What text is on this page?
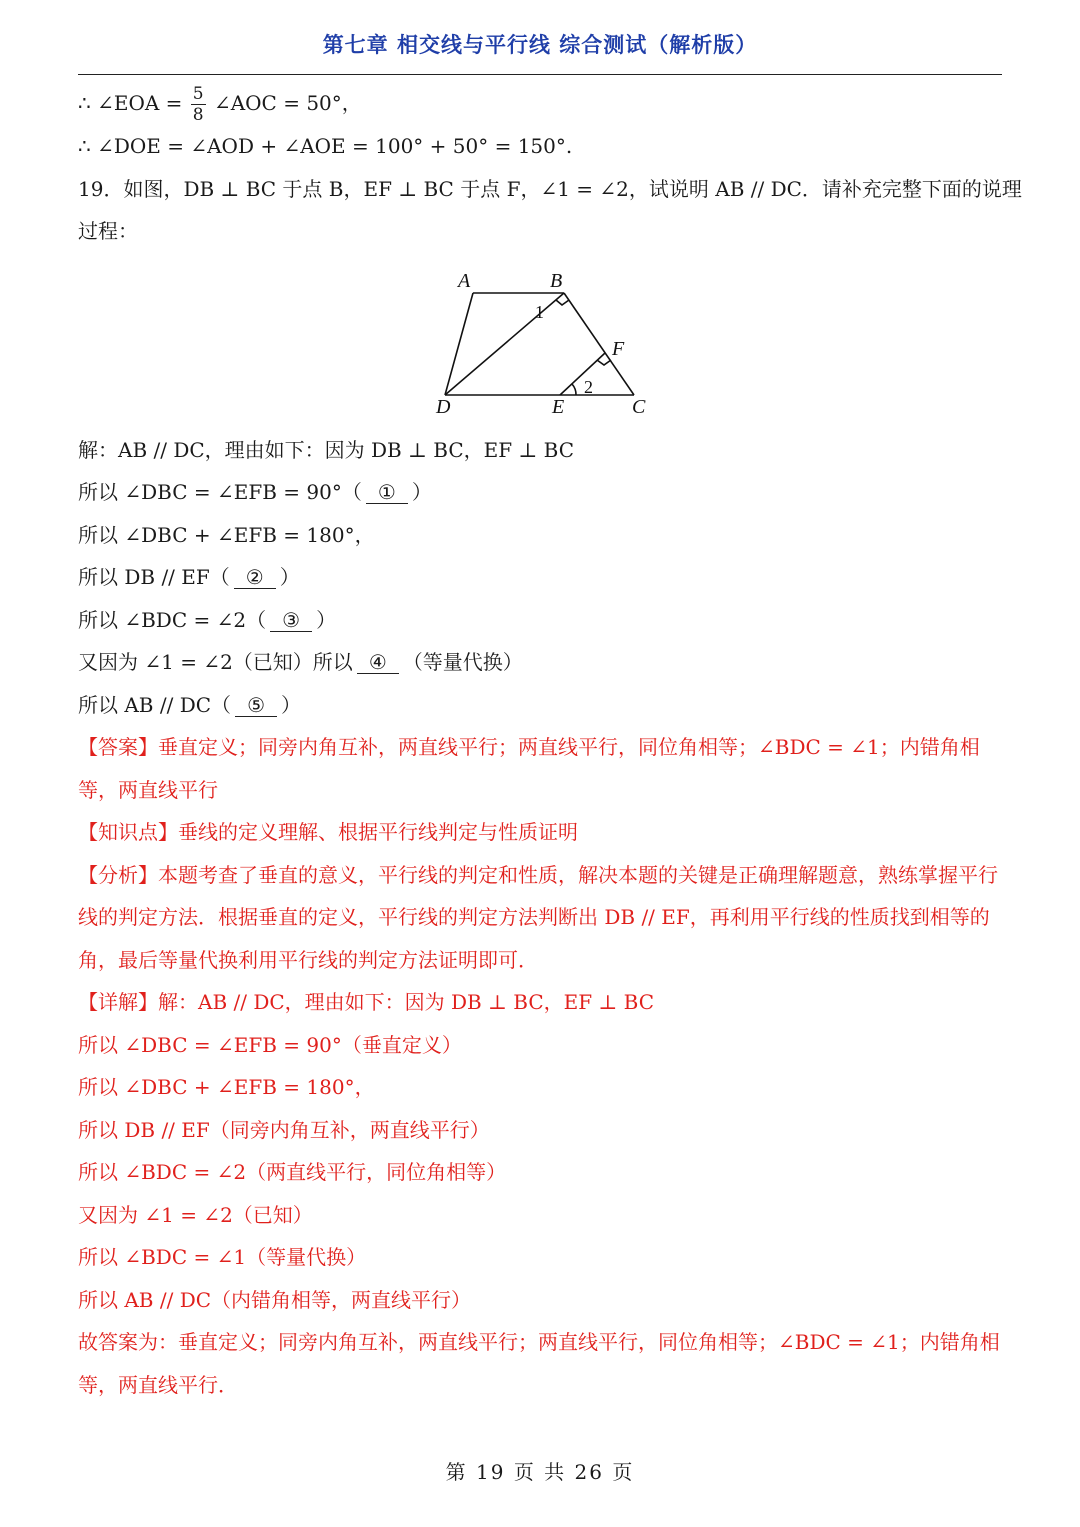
第七章 相交线与平行线 综合测试（解析版）
∴ ∠EOA = $\frac{5}{8}$ ∠AOC = 50°，
∴ ∠DOE = ∠AOD + ∠AOE = 100° + 50° = 150°.
19．如图，DB ⊥ BC 于点 B，EF ⊥ BC 于点 F，∠1 = ∠2，试说明 AB // DC．请补充完整下面的说理
过程：
B
A
D	E	C
F
1
2
解：AB // DC，理由如下：因为 DB ⊥ BC，EF ⊥ BC
所以 ∠DBC = ∠EFB = 90°（ ① ）
所以 ∠DBC + ∠EFB = 180°，
所以 DB // EF（ ② ）
所以 ∠BDC = ∠2（ ③ ）
又因为 ∠1 = ∠2（已知）所以 ④ （等量代换）
所以 AB // DC（ ⑤ ）
【答案】垂直定义；同旁内角互补，两直线平行；两直线平行，同位角相等；∠BDC = ∠1；内错角相等，两直线平行
【知识点】垂线的定义理解、根据平行线判定与性质证明
【分析】本题考查了垂直的意义，平行线的判定和性质，解决本题的关键是正确理解题意，熟练掌握平行线的判定方法．根据垂直的定义，平行线的判定方法判断出 DB // EF，再利用平行线的性质找到相等的角，最后等量代换利用平行线的判定方法证明即可．
【详解】解：AB // DC，理由如下：因为 DB ⊥ BC，EF ⊥ BC
所以 ∠DBC = ∠EFB = 90°（垂直定义）
所以 ∠DBC + ∠EFB = 180°，
所以 DB // EF（同旁内角互补，两直线平行）
所以 ∠BDC = ∠2（两直线平行，同位角相等）
又因为 ∠1 = ∠2（已知）
所以 ∠BDC = ∠1（等量代换）
所以 AB // DC（内错角相等，两直线平行）
故答案为：垂直定义；同旁内角互补，两直线平行；两直线平行，同位角相等；∠BDC = ∠1；内错角相等，两直线平行．
第 19 页 共 26 页
